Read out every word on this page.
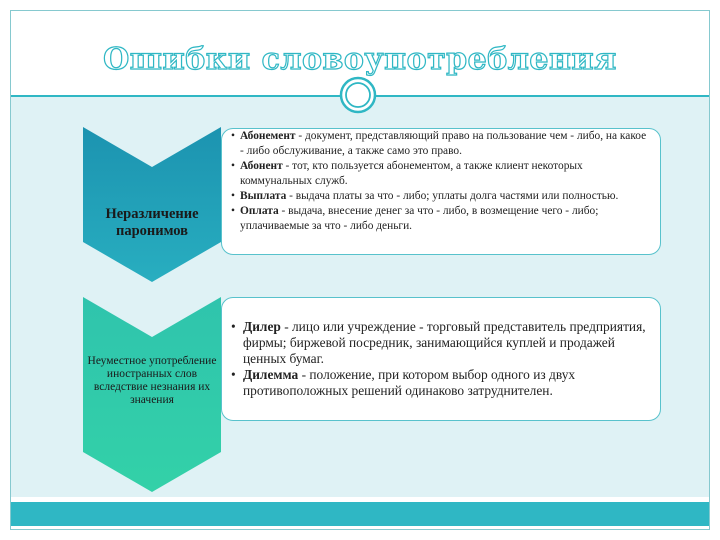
Ошибки словоупотребления
Неразличение паронимов
Неуместное употребление иностранных слов вследствие незнания их значения
• Абонемент - документ, представляющий право на пользование чем - либо, на какое - либо обслуживание, а также само это право.
• Абонент - тот, кто пользуется абонементом, а также клиент некоторых коммунальных служб.
• Выплата - выдача платы за что - либо; уплаты долга частями или полностью.
• Оплата - выдача, внесение денег за что - либо, в возмещение чего - либо; уплачиваемые за что - либо деньги.
• Дилер - лицо или учреждение - торговый представитель предприятия, фирмы; биржевой посредник, занимающийся куплей и продажей ценных бумаг.
• Дилемма - положение, при котором выбор одного из двух противоположных решений одинаково затруднителен.
